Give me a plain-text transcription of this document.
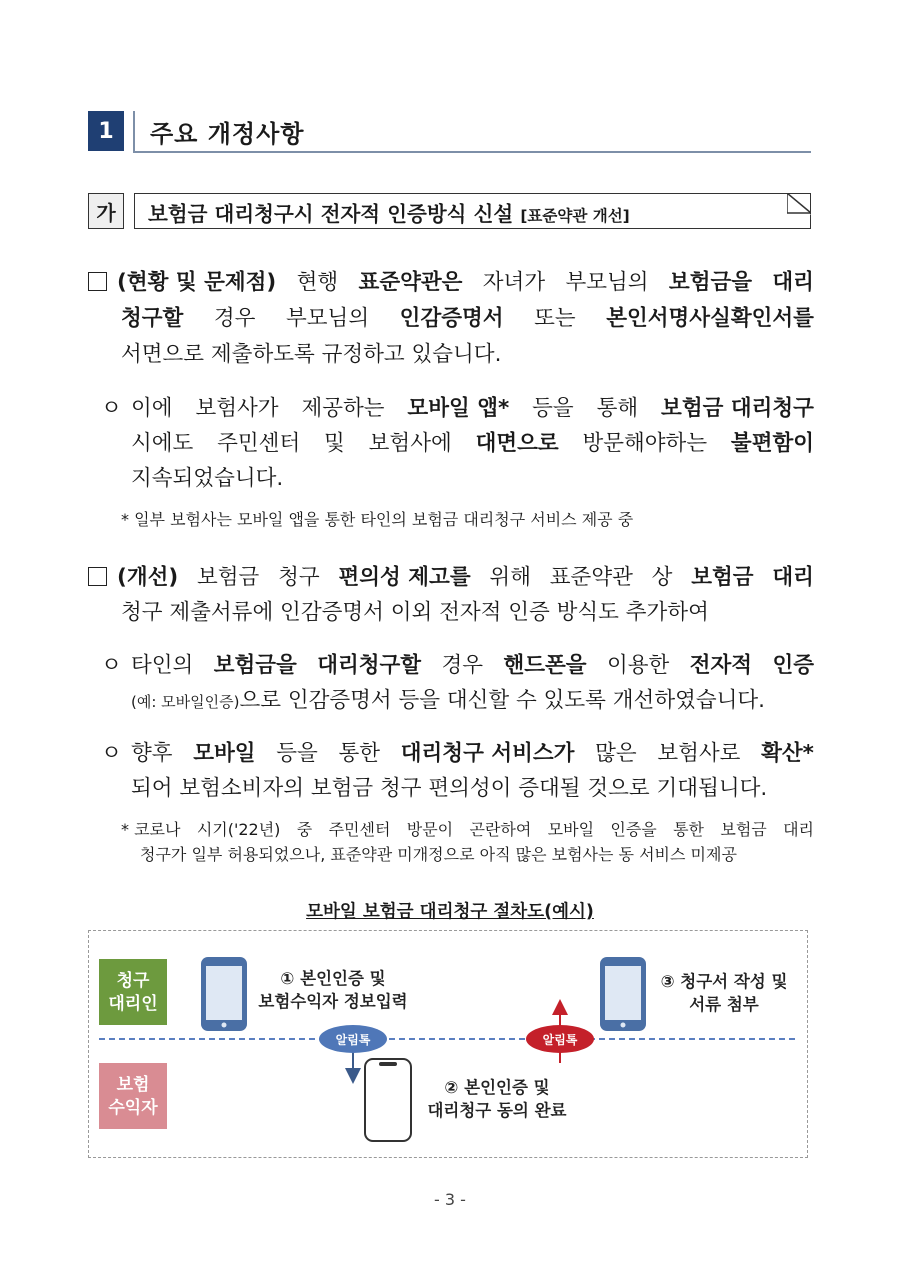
1	주요 개정사항
가	보험금 대리청구시 전자적 인증방식 신설 [표준약관 개선]
(현황 및 문제점) 현행 표준약관은 자녀가 부모님의 보험금을 대리
청구할 경우 부모님의 인감증명서 또는 본인서명사실확인서를
서면으로 제출하도록 규정하고 있습니다.
ㅇ 이에 보험사가 제공하는 모바일 앱* 등을 통해 보험금 대리청구
시에도 주민센터 및 보험사에 대면으로 방문해야하는 불편함이
지속되었습니다.
* 일부 보험사는 모바일 앱을 통한 타인의 보험금 대리청구 서비스 제공 중
(개선) 보험금 청구 편의성 제고를 위해 표준약관 상 보험금 대리
청구 제출서류에 인감증명서 이외 전자적 인증 방식도 추가하여
ㅇ 타인의 보험금을 대리청구할 경우 핸드폰을 이용한 전자적 인증
(예: 모바일인증)으로 인감증명서 등을 대신할 수 있도록 개선하였습니다.
ㅇ 향후 모바일 등을 통한 대리청구 서비스가 많은 보험사로 확산*
되어 보험소비자의 보험금 청구 편의성이 증대될 것으로 기대됩니다.
* 코로나 시기('22년) 중 주민센터 방문이 곤란하여 모바일 인증을 통한 보험금 대리
청구가 일부 허용되었으나, 표준약관 미개정으로 아직 많은 보험사는 동 서비스 미제공
모바일 보험금 대리청구 절차도(예시)
청구
대리인
보험
수익자
① 본인인증 및
보험수익자 정보입력
알림톡
② 본인인증 및
대리청구 동의 완료
알림톡
③ 청구서 작성 및
서류 첨부
- 3 -
